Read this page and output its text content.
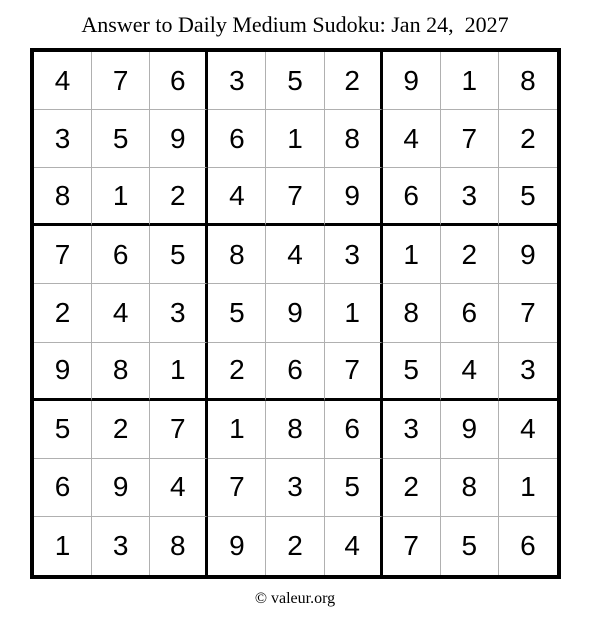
Answer to Daily Medium Sudoku: Jan 24,  2027
4	7	6	3	5	2	9	1	8
3	5	9	6	1	8	4	7	2
8	1	2	4	7	9	6	3	5
7	6	5	8	4	3	1	2	9
2	4	3	5	9	1	8	6	7
9	8	1	2	6	7	5	4	3
5	2	7	1	8	6	3	9	4
6	9	4	7	3	5	2	8	1
1	3	8	9	2	4	7	5	6
© valeur.org
